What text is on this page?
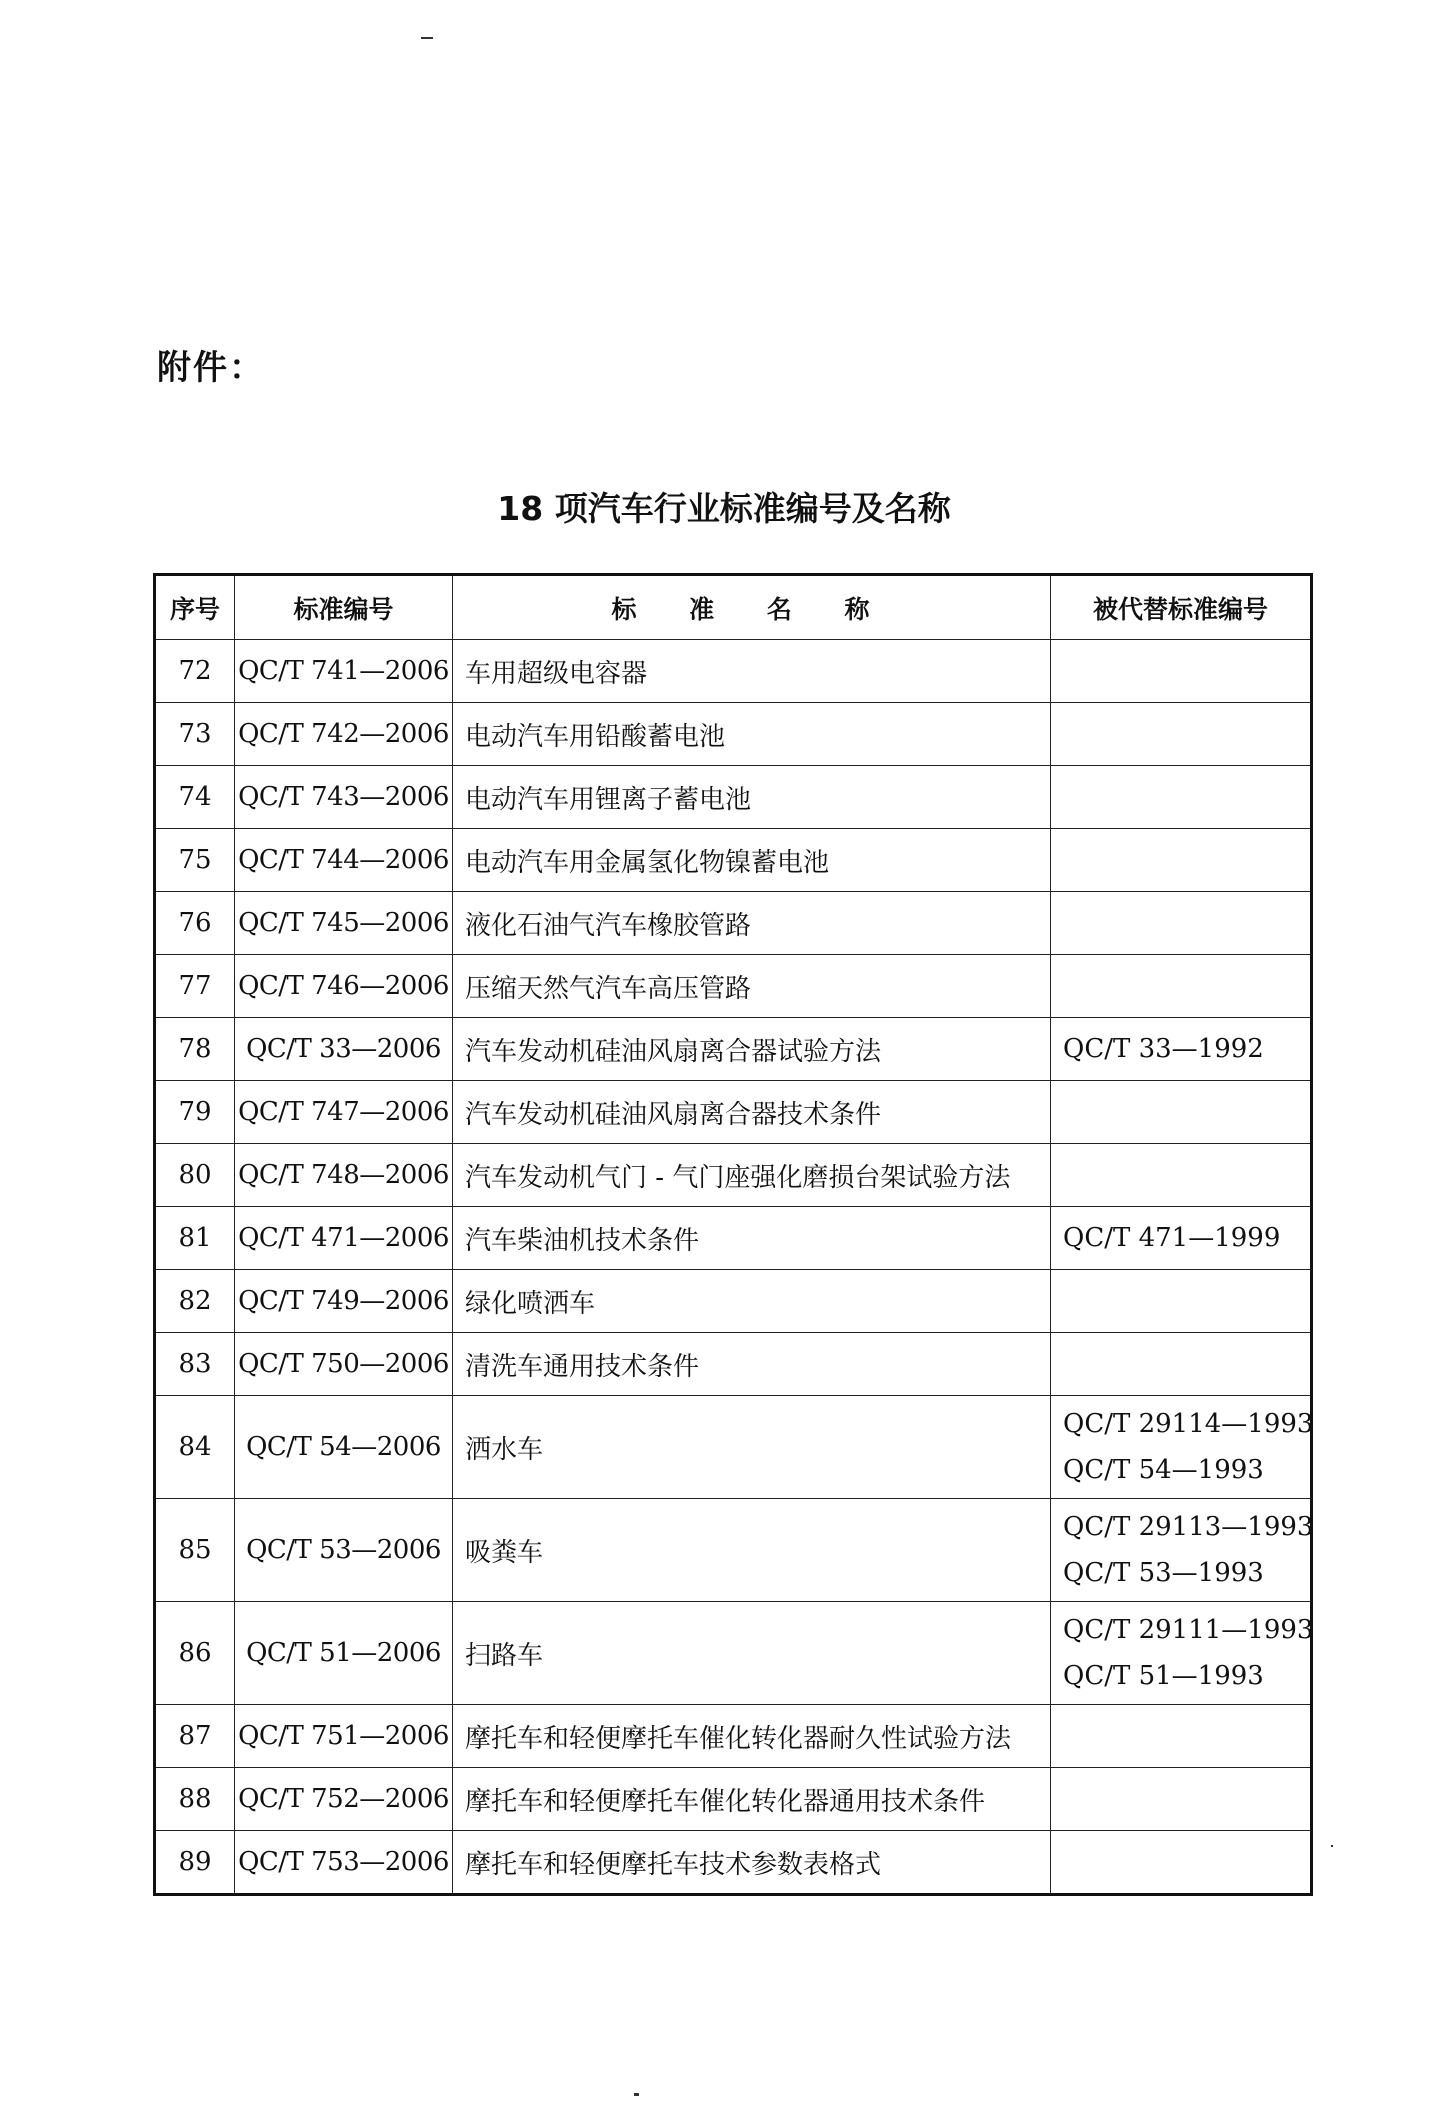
附件：
18 项汽车行业标准编号及名称
序号	标准编号	标 准 名 称	被代替标准编号
72	QC/T 741—2006	车用超级电容器	
73	QC/T 742—2006	电动汽车用铅酸蓄电池	
74	QC/T 743—2006	电动汽车用锂离子蓄电池	
75	QC/T 744—2006	电动汽车用金属氢化物镍蓄电池	
76	QC/T 745—2006	液化石油气汽车橡胶管路	
77	QC/T 746—2006	压缩天然气汽车高压管路	
78	QC/T 33—2006	汽车发动机硅油风扇离合器试验方法	QC/T 33—1992

79	QC/T 747—2006	汽车发动机硅油风扇离合器技术条件	
80	QC/T 748—2006	汽车发动机气门 - 气门座强化磨损台架试验方法	
81	QC/T 471—2006	汽车柴油机技术条件	QC/T 471—1999

82	QC/T 749—2006	绿化喷洒车	
83	QC/T 750—2006	清洗车通用技术条件	
84	QC/T 54—2006	洒水车	QC/T 29114—1993
QC/T 54—1993

85	QC/T 53—2006	吸粪车	QC/T 29113—1993
QC/T 53—1993

86	QC/T 51—2006	扫路车	QC/T 29111—1993
QC/T 51—1993

87	QC/T 751—2006	摩托车和轻便摩托车催化转化器耐久性试验方法	
88	QC/T 752—2006	摩托车和轻便摩托车催化转化器通用技术条件	
89	QC/T 753—2006	摩托车和轻便摩托车技术参数表格式	
